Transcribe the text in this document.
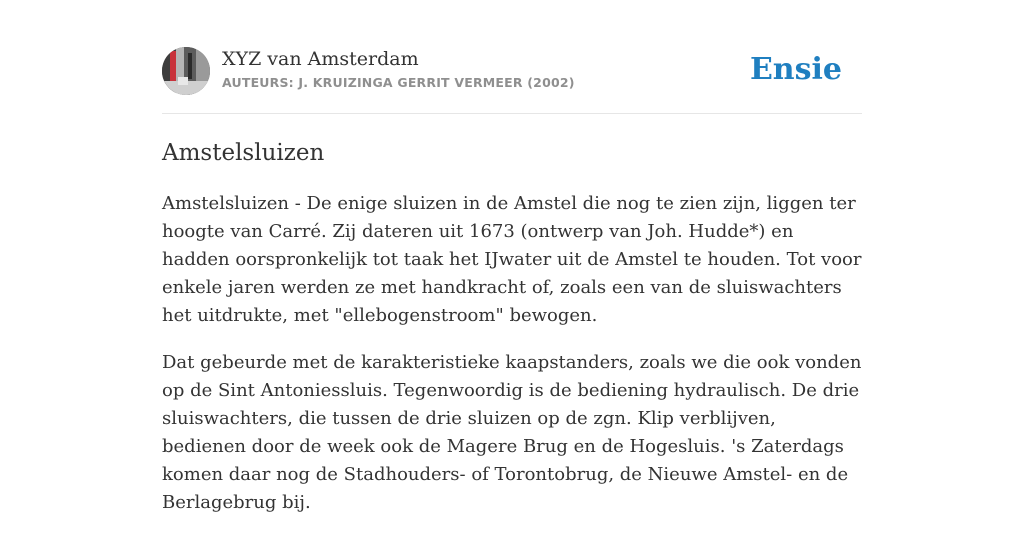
XYZ van Amsterdam
AUTEURS: J. KRUIZINGA GERRIT VERMEER (2002)	Ensie
Amstelsluizen

Amstelsluizen - De enige sluizen in de Amstel die nog te zien zijn, liggen ter hoogte van Carré. Zij dateren uit 1673 (ontwerp van Joh. Hudde*) en hadden oorspronkelijk tot taak het IJwater uit de Amstel te houden. Tot voor enkele jaren werden ze met handkracht of, zoals een van de sluiswachters het uitdrukte, met "ellebogenstroom" bewogen.

Dat gebeurde met de karakteristieke kaapstanders, zoals we die ook vonden op de Sint Antoniessluis. Tegenwoordig is de bediening hydraulisch. De drie sluiswachters, die tussen de drie sluizen op de zgn. Klip verblijven, bedienen door de week ook de Magere Brug en de Hogesluis. 's Zaterdags komen daar nog de Stadhouders- of Torontobrug, de Nieuwe Amstel- en de Berlagebrug bij.
